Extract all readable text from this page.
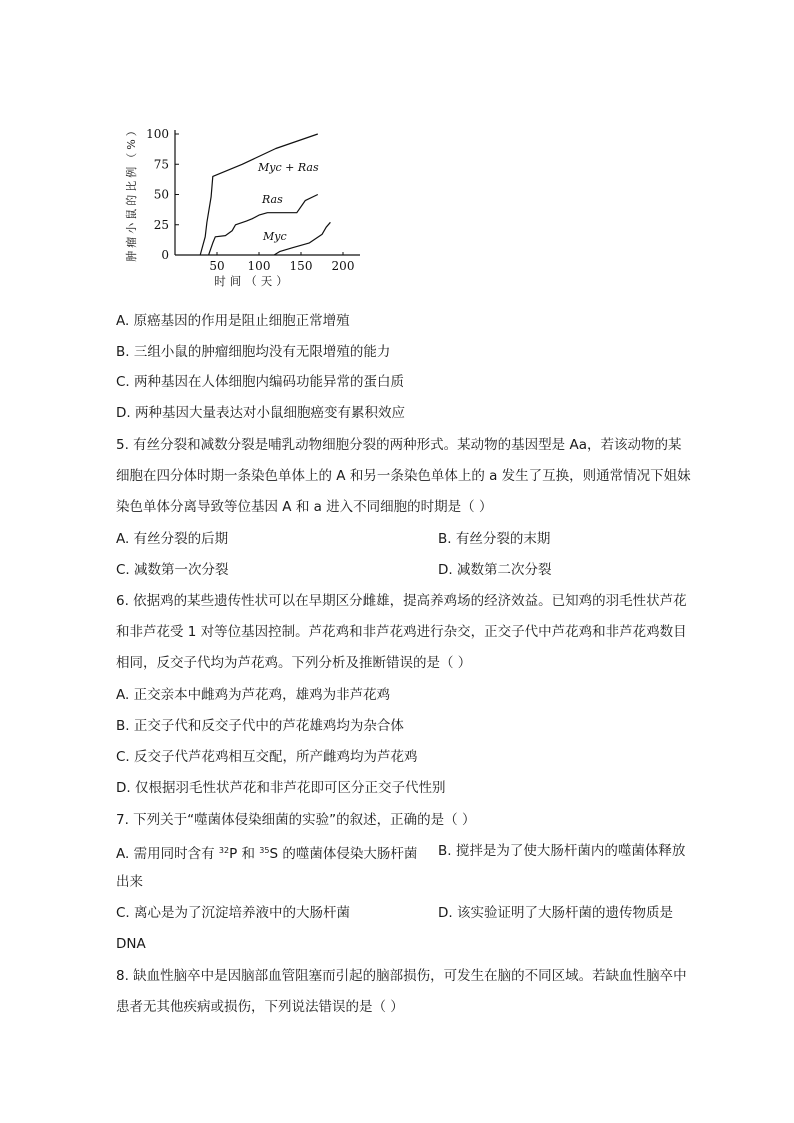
100
75
50
25
0
50 100 150 200
肿瘤小鼠的比例（%）
时间（天）
Myc + Ras
Ras
Myc
A. 原癌基因的作用是阻止细胞正常增殖
B. 三组小鼠的肿瘤细胞均没有无限增殖的能力
C. 两种基因在人体细胞内编码功能异常的蛋白质
D. 两种基因大量表达对小鼠细胞癌变有累积效应
5. 有丝分裂和减数分裂是哺乳动物细胞分裂的两种形式。某动物的基因型是 Aa，若该动物的某
细胞在四分体时期一条染色单体上的 A 和另一条染色单体上的 a 发生了互换，则通常情况下姐妹
染色单体分离导致等位基因 A 和 a 进入不同细胞的时期是（ ）
A. 有丝分裂的后期	B. 有丝分裂的末期
C. 减数第一次分裂	D. 减数第二次分裂
6. 依据鸡的某些遗传性状可以在早期区分雌雄，提高养鸡场的经济效益。已知鸡的羽毛性状芦花
和非芦花受 1 对等位基因控制。芦花鸡和非芦花鸡进行杂交，正交子代中芦花鸡和非芦花鸡数目
相同，反交子代均为芦花鸡。下列分析及推断错误的是（ ）
A. 正交亲本中雌鸡为芦花鸡，雄鸡为非芦花鸡
B. 正交子代和反交子代中的芦花雄鸡均为杂合体
C. 反交子代芦花鸡相互交配，所产雌鸡均为芦花鸡
D. 仅根据羽毛性状芦花和非芦花即可区分正交子代性别
7. 下列关于“噬菌体侵染细菌的实验”的叙述，正确的是（ ）
A. 需用同时含有 $^{32}$P 和 $^{35}$S 的噬菌体侵染大肠杆菌 B. 搅拌是为了使大肠杆菌内的噬菌体释放
出来
C. 离心是为了沉淀培养液中的大肠杆菌	D. 该实验证明了大肠杆菌的遗传物质是
DNA
8. 缺血性脑卒中是因脑部血管阻塞而引起的脑部损伤，可发生在脑的不同区域。若缺血性脑卒中
患者无其他疾病或损伤，下列说法错误的是（ ）
